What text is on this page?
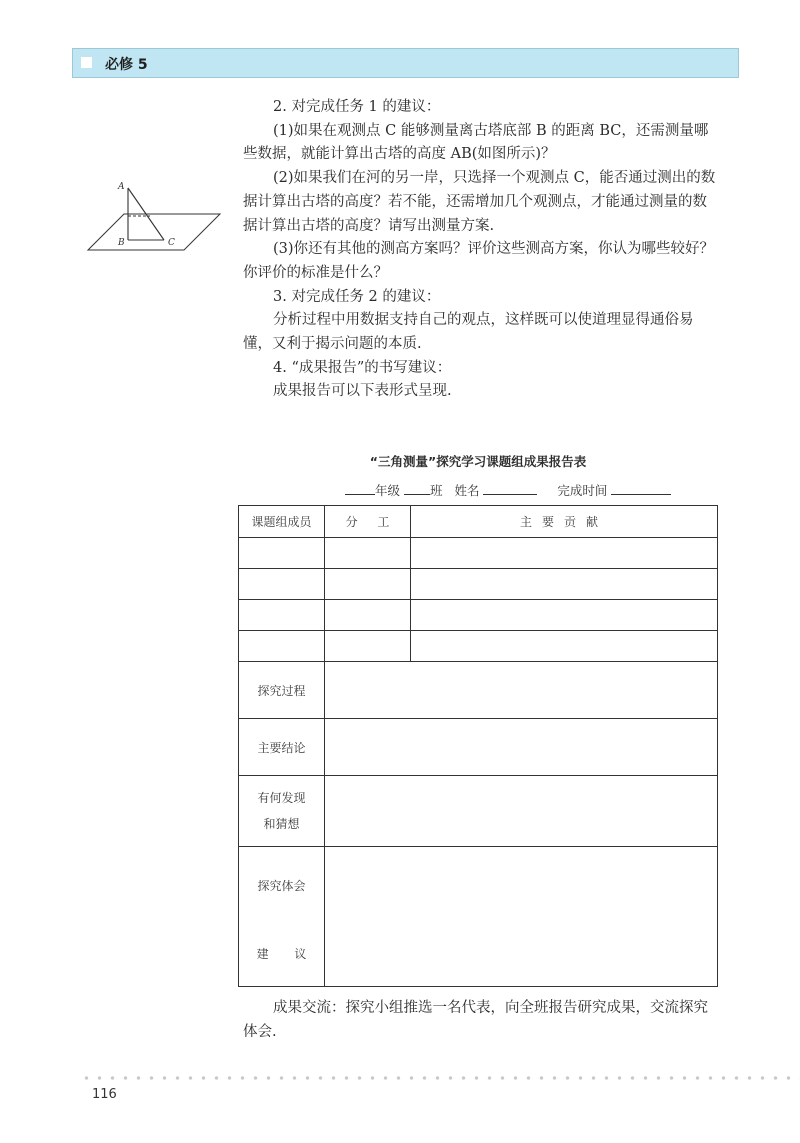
必修 5
A
B	C

2. 对完成任务 1 的建议：

(1)如果在观测点 C 能够测量离古塔底部 B 的距离 BC，还需测量哪些数据，就能计算出古塔的高度 AB(如图所示)？

(2)如果我们在河的另一岸，只选择一个观测点 C，能否通过测出的数据计算出古塔的高度？若不能，还需增加几个观测点，才能通过测量的数据计算出古塔的高度？请写出测量方案.

(3)你还有其他的测高方案吗？评价这些测高方案，你认为哪些较好？你评价的标准是什么？

3. 对完成任务 2 的建议：

分析过程中用数据支持自己的观点，这样既可以使道理显得通俗易懂，又利于揭示问题的本质.

4. “成果报告”的书写建议：

成果报告可以下表形式呈现.

“三角测量”探究学习课题组成果报告表
年级 班 姓名	完成时间
课题组成员	分 工	主要贡献

探究过程		
主要结论		

有何发现
和猜想		

探究体会
建 议		

成果交流：探究小组推选一名代表，向全班报告研究成果，交流探究体会.

116
